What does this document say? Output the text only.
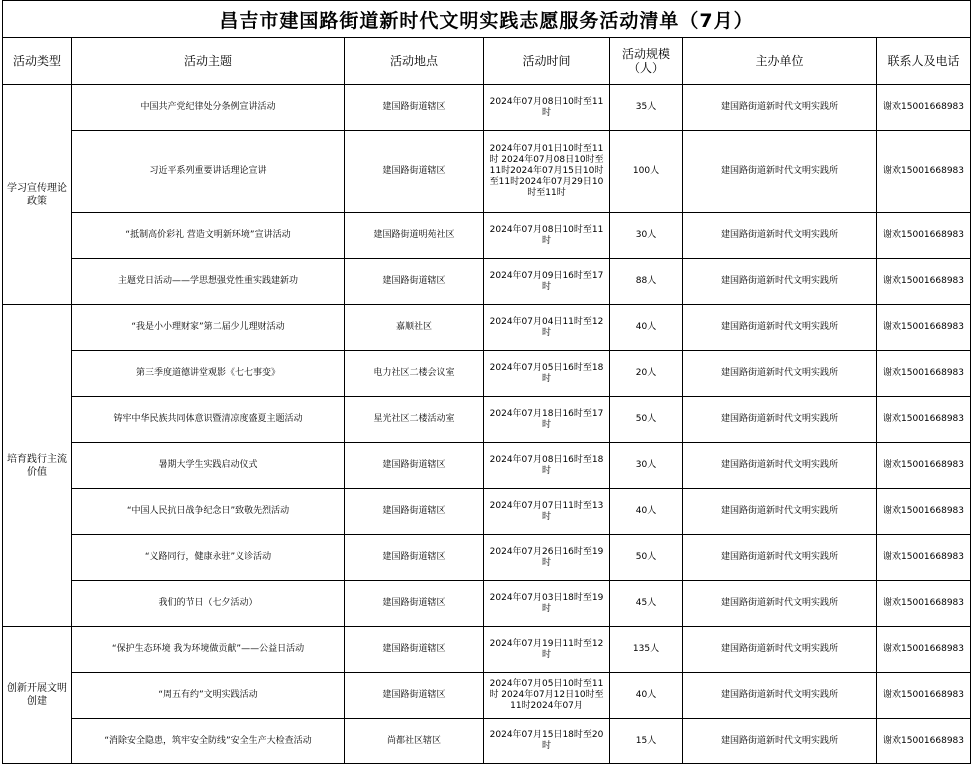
昌吉市建国路街道新时代文明实践志愿服务活动清单（7月）						
活动类型	活动主题	活动地点	活动时间	活动规模（人）	主办单位	联系人及电话
学习宣传理论政策	中国共产党纪律处分条例宣讲活动	建国路街道辖区	2024年07月08日10时至11时	35人	建国路街道新时代文明实践所	谢欢15001668983
	习近平系列重要讲话理论宣讲	建国路街道辖区	2024年07月01日10时至11时 2024年07月08日10时至11时2024年07月15日10时至11时2024年07月29日10时至11时	100人	建国路街道新时代文明实践所	谢欢15001668983
	“抵制高价彩礼 营造文明新环境”宣讲活动	建国路街道明苑社区	2024年07月08日10时至11时	30人	建国路街道新时代文明实践所	谢欢15001668983
	主题党日活动——学思想强党性重实践建新功	建国路街道辖区	2024年07月09日16时至17时	88人	建国路街道新时代文明实践所	谢欢15001668983
培育践行主流价值	“我是小小理财家”第二届少儿理财活动	嘉顺社区	2024年07月04日11时至12时	40人	建国路街道新时代文明实践所	谢欢15001668983
	第三季度道德讲堂观影《七七事变》	电力社区二楼会议室	2024年07月05日16时至18时	20人	建国路街道新时代文明实践所	谢欢15001668983
	铸牢中华民族共同体意识暨清凉度盛夏主题活动	星光社区二楼活动室	2024年07月18日16时至17时	50人	建国路街道新时代文明实践所	谢欢15001668983
	暑期大学生实践启动仪式	建国路街道辖区	2024年07月08日16时至18时	30人	建国路街道新时代文明实践所	谢欢15001668983
	“中国人民抗日战争纪念日”致敬先烈活动	建国路街道辖区	2024年07月07日11时至13时	40人	建国路街道新时代文明实践所	谢欢15001668983
	“义路同行，健康永驻”义诊活动	建国路街道辖区	2024年07月26日16时至19时	50人	建国路街道新时代文明实践所	谢欢15001668983
	我们的节日（七夕活动）	建国路街道辖区	2024年07月03日18时至19时	45人	建国路街道新时代文明实践所	谢欢15001668983
创新开展文明创建	“保护生态环境 我为环境做贡献”——公益日活动	建国路街道辖区	2024年07月19日11时至12时	135人	建国路街道新时代文明实践所	谢欢15001668983
	“周五有约”文明实践活动	建国路街道辖区	2024年07月05日10时至11时 2024年07月12日10时至11时2024年07月	40人	建国路街道新时代文明实践所	谢欢15001668983
	“消除安全隐患，筑牢安全防线”安全生产大检查活动	尚都社区辖区	2024年07月15日18时至20时	15人	建国路街道新时代文明实践所	谢欢15001668983
